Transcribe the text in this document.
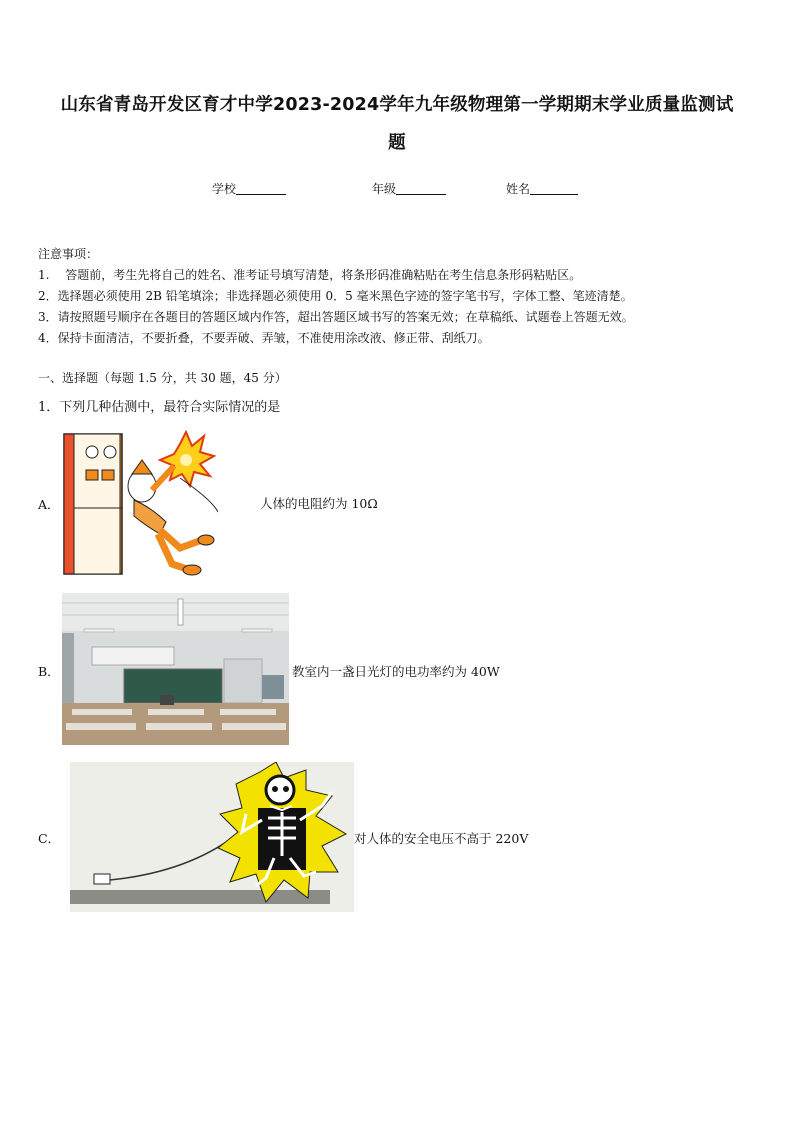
山东省青岛开发区育才中学2023-2024学年九年级物理第一学期期末学业质量监测试
题
学校	年级	姓名
注意事项：
1.　 答题前，考生先将自己的姓名、准考证号填写清楚，将条形码准确粘贴在考生信息条形码粘贴区。
2．选择题必须使用 2B 铅笔填涂；非选择题必须使用 0．5 毫米黑色字迹的签字笔书写，字体工整、笔迹清楚。
3．请按照题号顺序在各题目的答题区域内作答，超出答题区域书写的答案无效；在草稿纸、试题卷上答题无效。
4．保持卡面清洁，不要折叠，不要弄破、弄皱，不准使用涂改液、修正带、刮纸刀。
一、选择题（每题 1.5 分，共 30 题，45 分）
1．下列几种估测中，最符合实际情况的是
A．	人体的电阻约为 10Ω
B．	教室内一盏日光灯的电功率约为 40W
C．	对人体的安全电压不高于 220V
